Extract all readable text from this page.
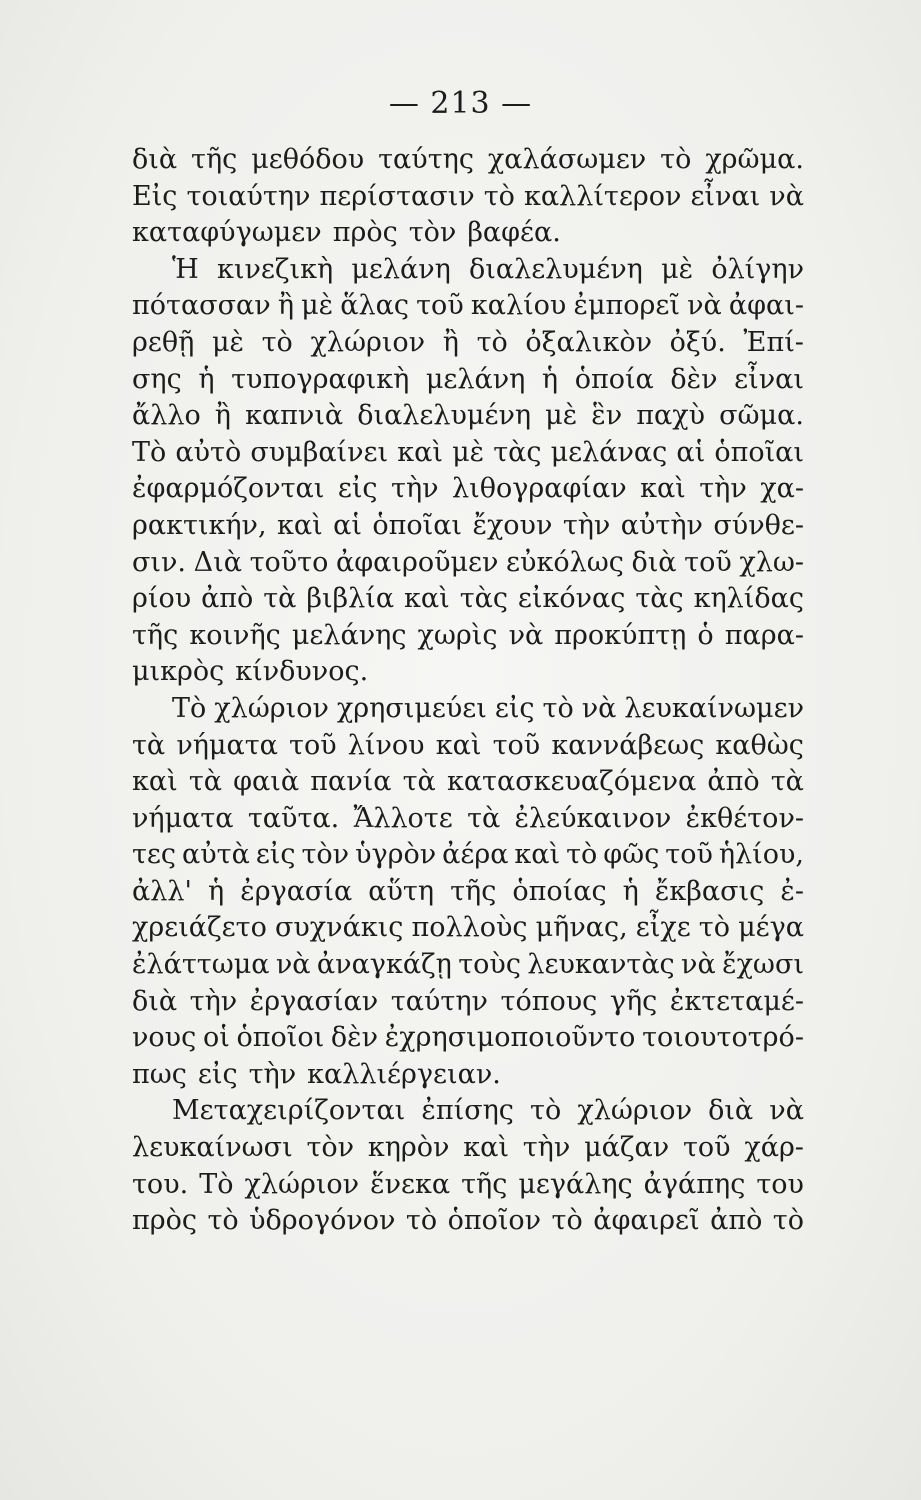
— 213 —
διὰ τῆς μεθόδου ταύτης χαλάσωμεν τὸ χρῶμα.
Εἰς τοιαύτην περίστασιν τὸ καλλίτερον εἶναι νὰ
καταφύγωμεν πρὸς τὸν βαφέα.
Ἡ κινεζικὴ μελάνη διαλελυμένη μὲ ὀλίγην
πότασσαν ἢ μὲ ἅλας τοῦ καλίου ἐμπορεῖ νὰ ἀφαι-
ρεθῇ μὲ τὸ χλώριον ἢ τὸ ὀξαλικὸν ὀξύ. Ἐπί-
σης ἡ τυπογραφικὴ μελάνη ἡ ὁποία δὲν εἶναι
ἄλλο ἢ καπνιὰ διαλελυμένη μὲ ἓν παχὺ σῶμα.
Τὸ αὐτὸ συμβαίνει καὶ μὲ τὰς μελάνας αἱ ὁποῖαι
ἐφαρμόζονται εἰς τὴν λιθογραφίαν καὶ τὴν χα-
ρακτικήν, καὶ αἱ ὁποῖαι ἔχουν τὴν αὐτὴν σύνθε-
σιν. Διὰ τοῦτο ἀφαιροῦμεν εὐκόλως διὰ τοῦ χλω-
ρίου ἀπὸ τὰ βιβλία καὶ τὰς εἰκόνας τὰς κηλίδας
τῆς κοινῆς μελάνης χωρὶς νὰ προκύπτῃ ὁ παρα-
μικρὸς κίνδυνος.
Τὸ χλώριον χρησιμεύει εἰς τὸ νὰ λευκαίνωμεν
τὰ νήματα τοῦ λίνου καὶ τοῦ καννάβεως καθὼς
καὶ τὰ φαιὰ πανία τὰ κατασκευαζόμενα ἀπὸ τὰ
νήματα ταῦτα. Ἄλλοτε τὰ ἐλεύκαινον ἐκθέτον-
τες αὐτὰ εἰς τὸν ὑγρὸν ἀέρα καὶ τὸ φῶς τοῦ ἡλίου,
ἀλλ' ἡ ἐργασία αὕτη τῆς ὁποίας ἡ ἔκβασις ἐ-
χρειάζετο συχνάκις πολλοὺς μῆνας, εἶχε τὸ μέγα
ἐλάττωμα νὰ ἀναγκάζῃ τοὺς λευκαντὰς νὰ ἔχωσι
διὰ τὴν ἐργασίαν ταύτην τόπους γῆς ἐκτεταμέ-
νους οἱ ὁποῖοι δὲν ἐχρησιμοποιοῦντο τοιουτοτρό-
πως εἰς τὴν καλλιέργειαν.
Μεταχειρίζονται ἐπίσης τὸ χλώριον διὰ νὰ
λευκαίνωσι τὸν κηρὸν καὶ τὴν μάζαν τοῦ χάρ-
του. Τὸ χλώριον ἕνεκα τῆς μεγάλης ἀγάπης του
πρὸς τὸ ὑδρογόνον τὸ ὁποῖον τὸ ἀφαιρεῖ ἀπὸ τὸ
